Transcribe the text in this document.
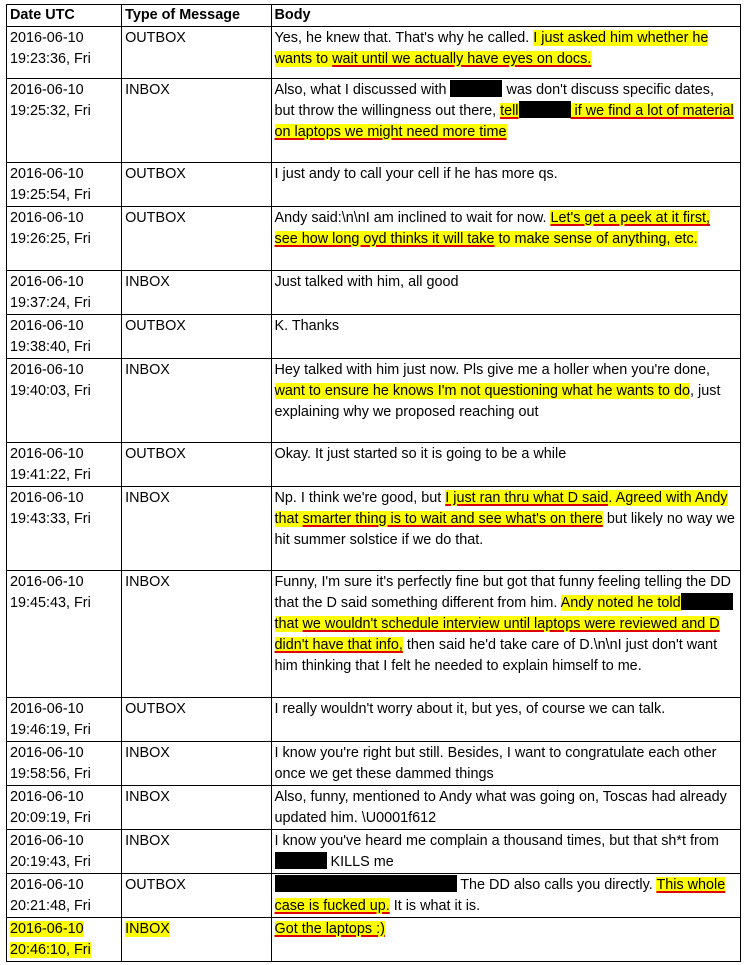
Date UTC	Type of Message	Body
2016-06-10
19:23:36, Fri	OUTBOX	Yes, he knew that. That's why he called. I just asked him whether he wants to wait until we actually have eyes on docs.
2016-06-10
19:25:32, Fri	INBOX	Also, what I discussed with was don't discuss specific dates, but throw the willingness out there, tell if we find a lot of material on laptops we might need more time
2016-06-10
19:25:54, Fri	OUTBOX	I just andy to call your cell if he has more qs.
2016-06-10
19:26:25, Fri	OUTBOX	Andy said:\n\nI am inclined to wait for now. Let's get a peek at it first, see how long oyd thinks it will take to make sense of anything, etc.
2016-06-10
19:37:24, Fri	INBOX	Just talked with him, all good
2016-06-10
19:38:40, Fri	OUTBOX	K. Thanks
2016-06-10
19:40:03, Fri	INBOX	Hey talked with him just now. Pls give me a holler when you're done, want to ensure he knows I'm not questioning what he wants to do, just explaining why we proposed reaching out
2016-06-10
19:41:22, Fri	OUTBOX	Okay. It just started so it is going to be a while
2016-06-10
19:43:33, Fri	INBOX	Np. I think we're good, but I just ran thru what D said. Agreed with Andy that smarter thing is to wait and see what's on there but likely no way we hit summer solstice if we do that.
2016-06-10
19:45:43, Fri	INBOX	Funny, I'm sure it's perfectly fine but got that funny feeling telling the DD that the D said something different from him. Andy noted he told that we wouldn't schedule interview until laptops were reviewed and D didn't have that info, then said he'd take care of D.\n\nI just don't want him thinking that I felt he needed to explain himself to me.
2016-06-10
19:46:19, Fri	OUTBOX	I really wouldn't worry about it, but yes, of course we can talk.
2016-06-10
19:58:56, Fri	INBOX	I know you're right but still. Besides, I want to congratulate each other once we get these dammed things
2016-06-10
20:09:19, Fri	INBOX	Also, funny, mentioned to Andy what was going on, Toscas had already updated him. \U0001f612
2016-06-10
20:19:43, Fri	INBOX	I know you've heard me complain a thousand times, but that sh*t fromKILLS me
2016-06-10
20:21:48, Fri	OUTBOX	The DD also calls you directly. This whole case is fucked up. It is what it is.
2016-06-10
20:46:10, Fri	INBOX	Got the laptops :)
